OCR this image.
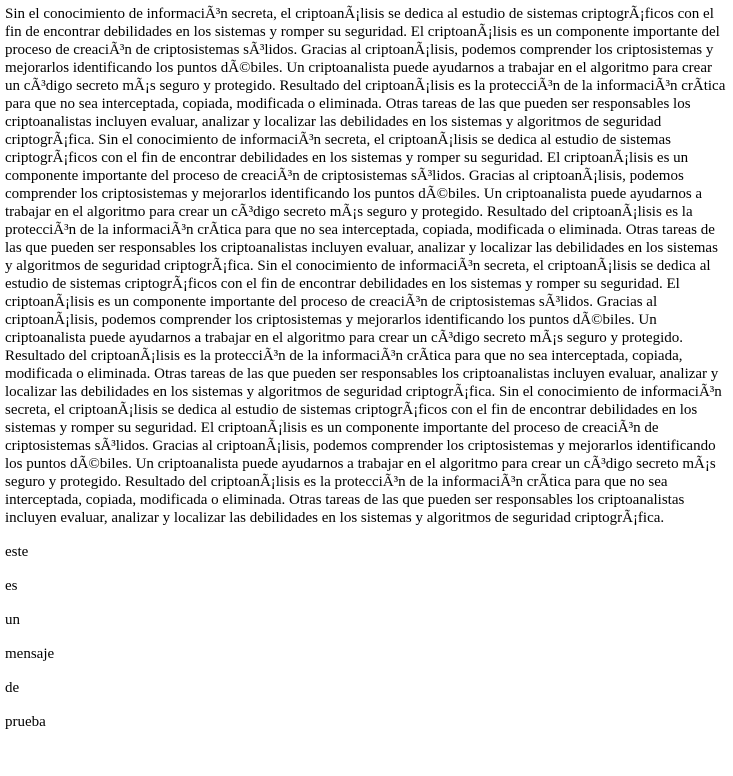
Sin el conocimiento de informaciÃ³n secreta, el criptoanÃ¡lisis se dedica al estudio de sistemas criptogrÃ¡ficos con el fin de encontrar debilidades en los sistemas y romper su seguridad. El criptoanÃ¡lisis es un componente importante del proceso de creaciÃ³n de criptosistemas sÃ³lidos. Gracias al criptoanÃ¡lisis, podemos comprender los criptosistemas y mejorarlos identificando los puntos dÃ©biles. Un criptoanalista puede ayudarnos a trabajar en el algoritmo para crear un cÃ³digo secreto mÃ¡s seguro y protegido. Resultado del criptoanÃ¡lisis es la protecciÃ³n de la informaciÃ³n crÃtica para que no sea interceptada, copiada, modificada o eliminada. Otras tareas de las que pueden ser responsables los criptoanalistas incluyen evaluar, analizar y localizar las debilidades en los sistemas y algoritmos de seguridad criptogrÃ¡fica. Sin el conocimiento de informaciÃ³n secreta, el criptoanÃ¡lisis se dedica al estudio de sistemas criptogrÃ¡ficos con el fin de encontrar debilidades en los sistemas y romper su seguridad. El criptoanÃ¡lisis es un componente importante del proceso de creaciÃ³n de criptosistemas sÃ³lidos. Gracias al criptoanÃ¡lisis, podemos comprender los criptosistemas y mejorarlos identificando los puntos dÃ©biles. Un criptoanalista puede ayudarnos a trabajar en el algoritmo para crear un cÃ³digo secreto mÃ¡s seguro y protegido. Resultado del criptoanÃ¡lisis es la protecciÃ³n de la informaciÃ³n crÃtica para que no sea interceptada, copiada, modificada o eliminada. Otras tareas de las que pueden ser responsables los criptoanalistas incluyen evaluar, analizar y localizar las debilidades en los sistemas y algoritmos de seguridad criptogrÃ¡fica. Sin el conocimiento de informaciÃ³n secreta, el criptoanÃ¡lisis se dedica al estudio de sistemas criptogrÃ¡ficos con el fin de encontrar debilidades en los sistemas y romper su seguridad. El criptoanÃ¡lisis es un componente importante del proceso de creaciÃ³n de criptosistemas sÃ³lidos. Gracias al criptoanÃ¡lisis, podemos comprender los criptosistemas y mejorarlos identificando los puntos dÃ©biles. Un criptoanalista puede ayudarnos a trabajar en el algoritmo para crear un cÃ³digo secreto mÃ¡s seguro y protegido. Resultado del criptoanÃ¡lisis es la protecciÃ³n de la informaciÃ³n crÃtica para que no sea interceptada, copiada, modificada o eliminada. Otras tareas de las que pueden ser responsables los criptoanalistas incluyen evaluar, analizar y localizar las debilidades en los sistemas y algoritmos de seguridad criptogrÃ¡fica. Sin el conocimiento de informaciÃ³n secreta, el criptoanÃ¡lisis se dedica al estudio de sistemas criptogrÃ¡ficos con el fin de encontrar debilidades en los sistemas y romper su seguridad. El criptoanÃ¡lisis es un componente importante del proceso de creaciÃ³n de criptosistemas sÃ³lidos. Gracias al criptoanÃ¡lisis, podemos comprender los criptosistemas y mejorarlos identificando los puntos dÃ©biles. Un criptoanalista puede ayudarnos a trabajar en el algoritmo para crear un cÃ³digo secreto mÃ¡s seguro y protegido. Resultado del criptoanÃ¡lisis es la protecciÃ³n de la informaciÃ³n crÃtica para que no sea interceptada, copiada, modificada o eliminada. Otras tareas de las que pueden ser responsables los criptoanalistas incluyen evaluar, analizar y localizar las debilidades en los sistemas y algoritmos de seguridad criptogrÃ¡fica.

este

es

un

mensaje

de

prueba
